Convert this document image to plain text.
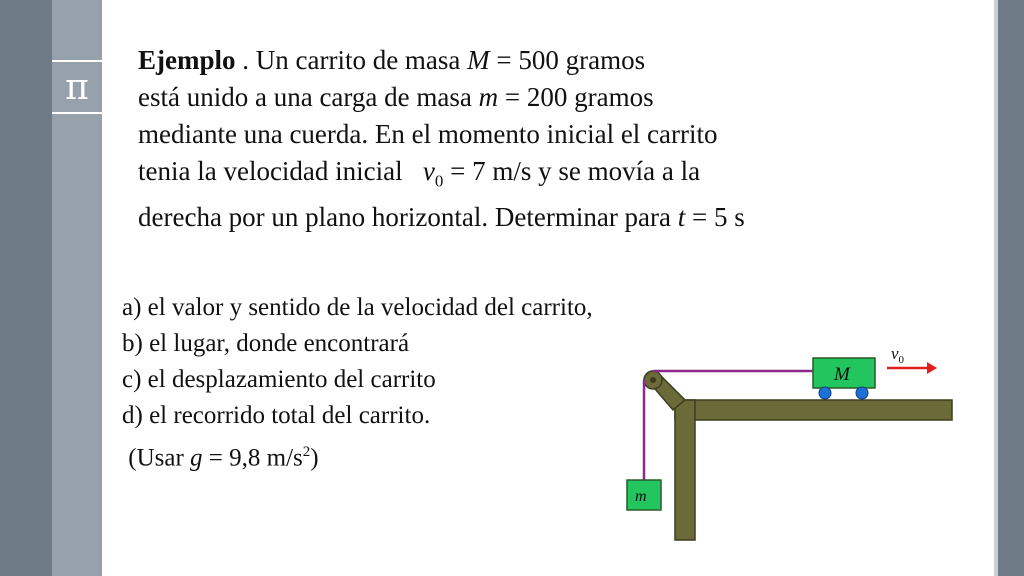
π
Ejemplo . Un carrito de masa M = 500 gramos
está unido a una carga de masa m = 200 gramos
mediante una cuerda. En el momento inicial el carrito
tenia la velocidad inicial   $v_0 = 7$ m/s y se movía a la
derecha por un plano horizontal. Determinar para t = 5 s
a) el valor y sentido de la velocidad del carrito,
b) el lugar, donde encontrará
c) el desplazamiento del carrito
d) el recorrido total del carrito.
(Usar g = 9,8 $m/s^2$)
m
M
$v_0$
